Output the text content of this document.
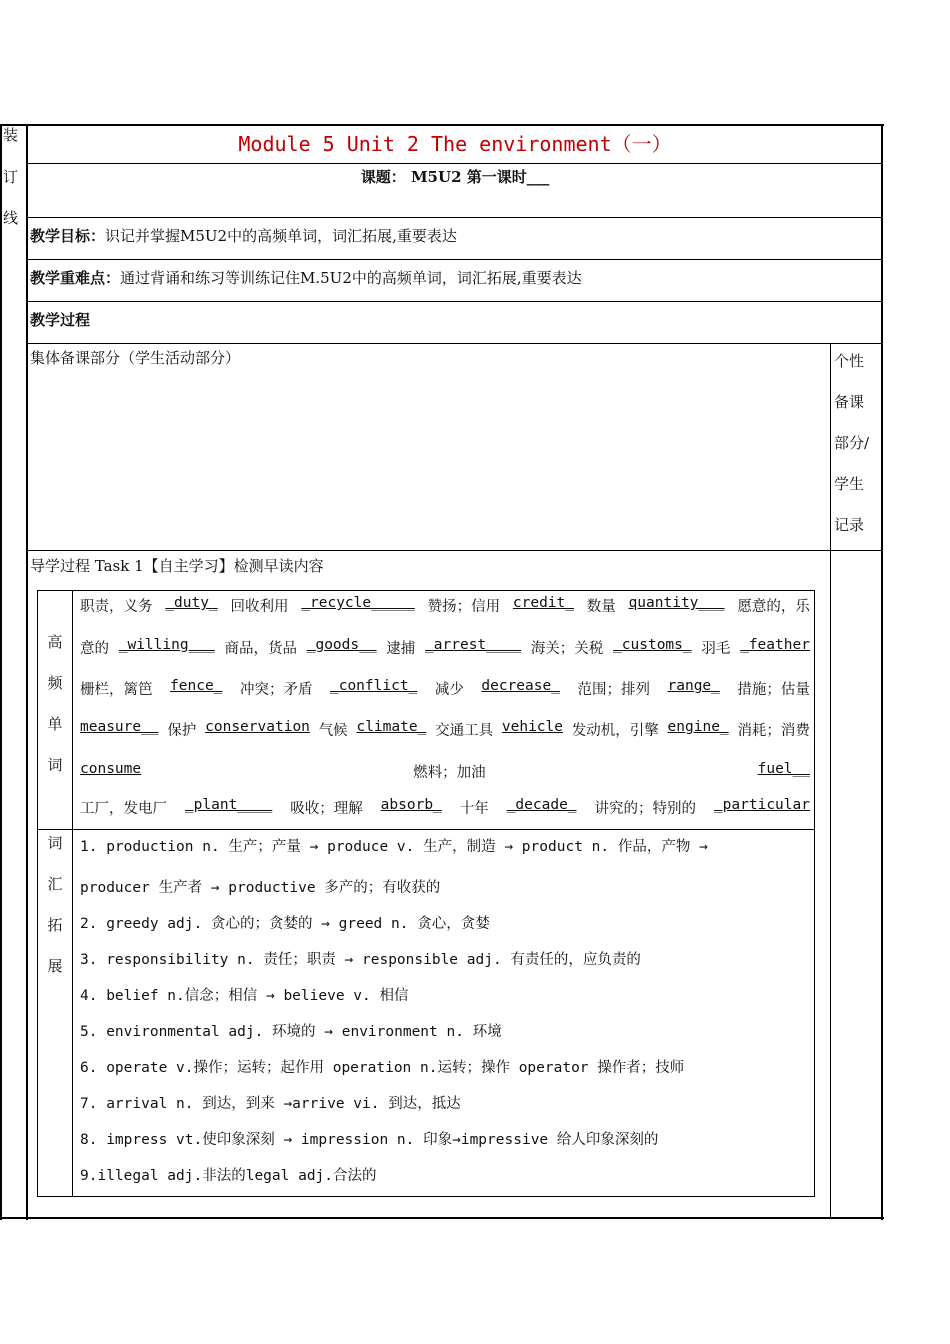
装
订
线
Module 5 Unit 2 The environment（一）
课题： M5U2 第一课时___
教学目标：识记并掌握M5U2中的高频单词，词汇拓展,重要表达
教学重难点：通过背诵和练习等训练记住M.5U2中的高频单词，词汇拓展,重要表达
教学过程
集体备课部分（学生活动部分）	个性
备课
部分/
学生
记录
导学过程 Task 1【自主学习】检测早读内容
高
频
单
词
词
汇
拓
展
职责，义务 _duty_ 回收利用 _recycle_____ 赞扬；信用 credit_ 数量 quantity___ 愿意的，乐
意的 _willing___ 商品，货品 _goods__ 逮捕 _arrest____ 海关；关税 _customs_ 羽毛 _feather
栅栏，篱笆 fence_ 冲突；矛盾 _conflict_ 减少 decrease_ 范围；排列 range_ 措施；估量
measure__ 保护 conservation 气候 climate_ 交通工具 vehicle 发动机，引擎 engine_ 消耗；消费
consume	燃料；加油	fuel__
工厂，发电厂 _plant____ 吸收；理解 absorb_ 十年 _decade_ 讲究的；特别的 _particular
1. production n. 生产；产量 → produce v. 生产，制造 → product n. 作品，产物 →
producer 生产者 → productive 多产的；有收获的
2. greedy adj. 贪心的；贪婪的 → greed n. 贪心，贪婪
3. responsibility n. 责任；职责 → responsible adj. 有责任的，应负责的
4. belief n.信念；相信 → believe v. 相信
5. environmental adj. 环境的 → environment n. 环境
6. operate v.操作；运转；起作用 operation n.运转；操作 operator 操作者；技师
7. arrival n. 到达，到来 →arrive vi. 到达，抵达
8. impress vt.使印象深刻 → impression n. 印象→impressive 给人印象深刻的
9.illegal adj.非法的legal adj.合法的
